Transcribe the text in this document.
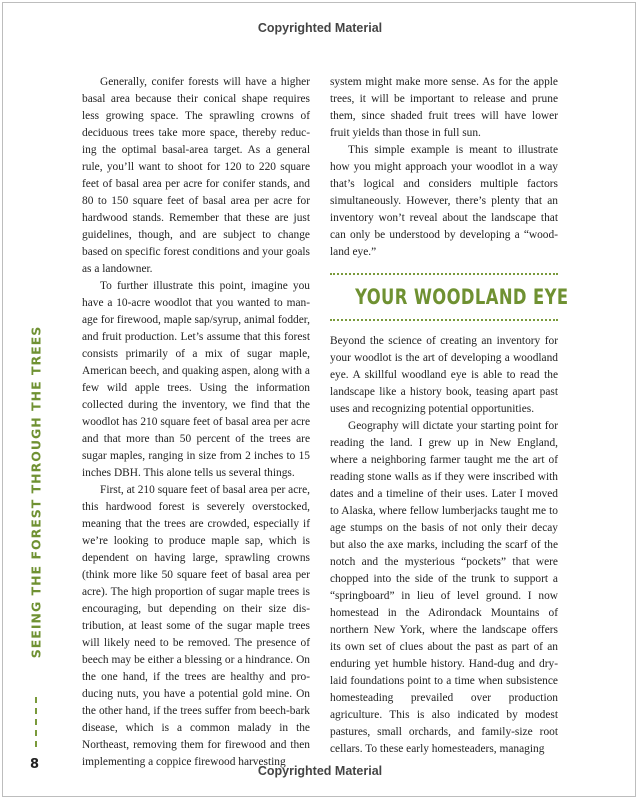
Copyrighted Material

Generally, conifer forests will have a higher basal area because their conical shape requires less growing space. The sprawling crowns of deciduous trees take more space, thereby reducing the optimal basal-area target. As a general rule, you’ll want to shoot for 120 to 220 square feet of basal area per acre for conifer stands, and 80 to 150 square feet of basal area per acre for hardwood stands. Remember that these are just guidelines, though, and are subject to change based on specific forest conditions and your goals as a landowner.

To further illustrate this point, imagine you have a 10-acre woodlot that you wanted to manage for firewood, maple sap/syrup, animal fodder, and fruit production. Let’s assume that this forest consists primarily of a mix of sugar maple, American beech, and quaking aspen, along with a few wild apple trees. Using the information collected during the inventory, we find that the woodlot has 210 square feet of basal area per acre and that more than 50 percent of the trees are sugar maples, ranging in size from 2 inches to 15 inches DBH. This alone tells us several things.

First, at 210 square feet of basal area per acre, this hardwood forest is severely overstocked, meaning that the trees are crowded, especially if we’re looking to produce maple sap, which is dependent on having large, sprawling crowns (think more like 50 square feet of basal area per acre). The high proportion of sugar maple trees is encouraging, but depending on their size distribution, at least some of the sugar maple trees will likely need to be removed. The presence of beech may be either a blessing or a hindrance. On the one hand, if the trees are healthy and producing nuts, you have a potential gold mine. On the other hand, if the trees suffer from beech-bark disease, which is a common malady in the Northeast, removing them for firewood and then implementing a coppice firewood harvesting

system might make more sense. As for the apple trees, it will be important to release and prune them, since shaded fruit trees will have lower fruit yields than those in full sun.

This simple example is meant to illustrate how you might approach your woodlot in a way that’s logical and considers multiple factors simultaneously. However, there’s plenty that an inventory won’t reveal about the landscape that can only be understood by developing a “woodland eye.”

YOUR WOODLAND EYE

Beyond the science of creating an inventory for your woodlot is the art of developing a woodland eye. A skillful woodland eye is able to read the landscape like a history book, teasing apart past uses and recognizing potential opportunities.

Geography will dictate your starting point for reading the land. I grew up in New England, where a neighboring farmer taught me the art of reading stone walls as if they were inscribed with dates and a timeline of their uses. Later I moved to Alaska, where fellow lumberjacks taught me to age stumps on the basis of not only their decay but also the axe marks, including the scarf of the notch and the mysterious “pockets” that were chopped into the side of the trunk to support a “springboard” in lieu of level ground. I now homestead in the Adirondack Mountains of northern New York, where the landscape offers its own set of clues about the past as part of an enduring yet humble history. Hand-dug and dry-laid foundations point to a time when subsistence homesteading prevailed over production agriculture. This is also indicated by modest pastures, small orchards, and family-size root cellars. To these early homesteaders, managing

SEEING THE FOREST THROUGH THE TREES
8	Copyrighted Material
